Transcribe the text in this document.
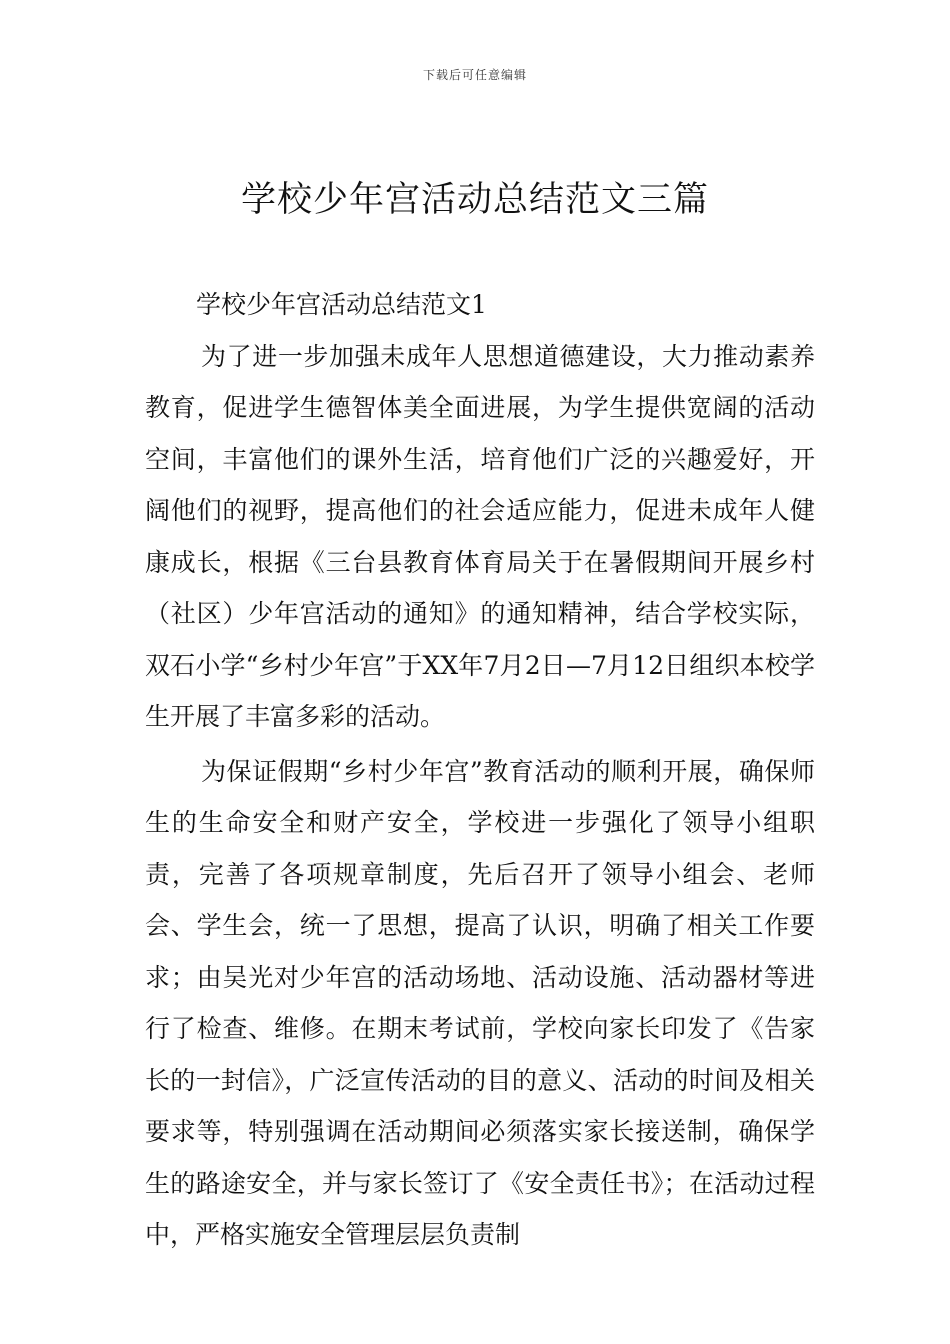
下载后可任意编辑
学校少年宫活动总结范文三篇

学校少年宫活动总结范文1

为了进一步加强未成年人思想道德建设，大力推动素养教育，促进学生德智体美全面进展，为学生提供宽阔的活动空间，丰富他们的课外生活，培育他们广泛的兴趣爱好，开阔他们的视野，提高他们的社会适应能力，促进未成年人健康成长，根据《三台县教育体育局关于在暑假期间开展乡村（社区）少年宫活动的通知》的通知精神，结合学校实际，双石小学“乡村少年宫”于XX年7月2日—7月12日组织本校学生开展了丰富多彩的活动。

为保证假期“乡村少年宫”教育活动的顺利开展，确保师生的生命安全和财产安全，学校进一步强化了领导小组职责，完善了各项规章制度，先后召开了领导小组会、老师会、学生会，统一了思想，提高了认识，明确了相关工作要求；由吴光对少年宫的活动场地、活动设施、活动器材等进行了检查、维修。在期末考试前，学校向家长印发了《告家长的一封信》，广泛宣传活动的目的意义、活动的时间及相关要求等，特别强调在活动期间必须落实家长接送制，确保学生的路途安全，并与家长签订了《安全责任书》；在活动过程中，严格实施安全管理层层负责制
